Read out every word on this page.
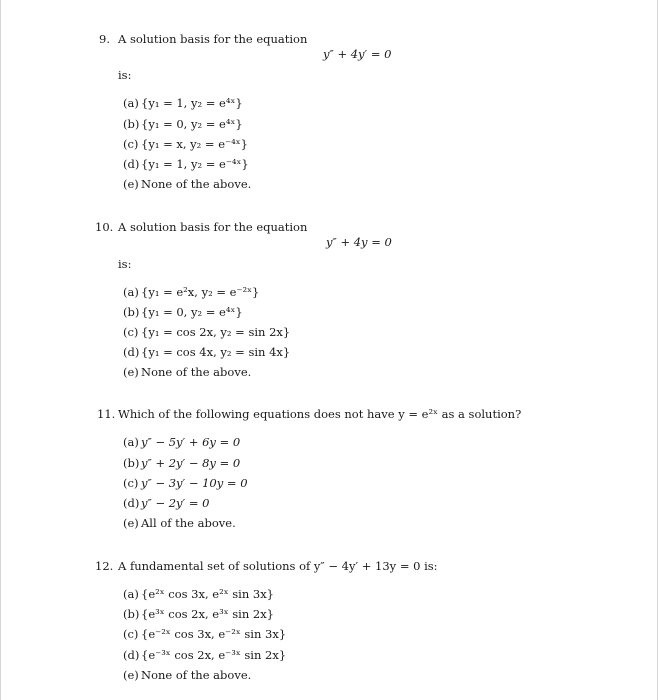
9. A solution basis for the equation
y″ + 4y′ = 0
is:
(a) {y₁ = 1, y₂ = e⁴ˣ}
(b) {y₁ = 0, y₂ = e⁴ˣ}
(c) {y₁ = x, y₂ = e⁻⁴ˣ}
(d) {y₁ = 1, y₂ = e⁻⁴ˣ}
(e) None of the above.
10. A solution basis for the equation
y″ + 4y = 0
is:
(a) {y₁ = e²x, y₂ = e⁻²ˣ}
(b) {y₁ = 0, y₂ = e⁴ˣ}
(c) {y₁ = cos 2x, y₂ = sin 2x}
(d) {y₁ = cos 4x, y₂ = sin 4x}
(e) None of the above.
11. Which of the following equations does not have y = e²ˣ as a solution?
(a) y″ − 5y′ + 6y = 0
(b) y″ + 2y′ − 8y = 0
(c) y″ − 3y′ − 10y = 0
(d) y″ − 2y′ = 0
(e) All of the above.
12. A fundamental set of solutions of y″ − 4y′ + 13y = 0 is:
(a) {e²ˣ cos 3x, e²ˣ sin 3x}
(b) {e³ˣ cos 2x, e³ˣ sin 2x}
(c) {e⁻²ˣ cos 3x, e⁻²ˣ sin 3x}
(d) {e⁻³ˣ cos 2x, e⁻³ˣ sin 2x}
(e) None of the above.
